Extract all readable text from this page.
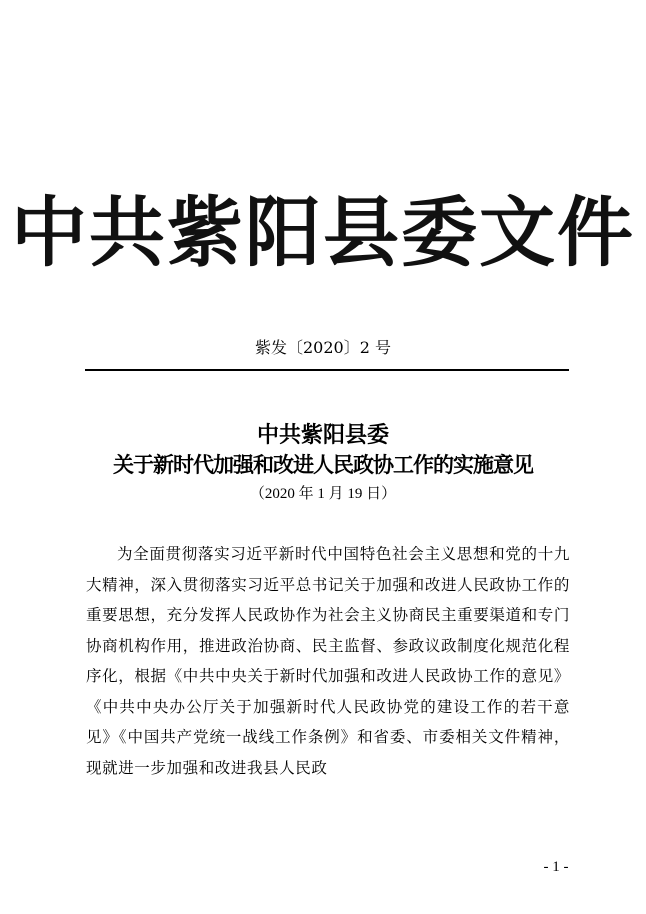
中共紫阳县委文件
紫发〔2020〕2 号
中共紫阳县委
关于新时代加强和改进人民政协工作的实施意见
（2020 年 1 月 19 日）

为全面贯彻落实习近平新时代中国特色社会主义思想和党的十九大精神，深入贯彻落实习近平总书记关于加强和改进人民政协工作的重要思想，充分发挥人民政协作为社会主义协商民主重要渠道和专门协商机构作用，推进政治协商、民主监督、参政议政制度化规范化程序化，根据《中共中央关于新时代加强和改进人民政协工作的意见》《中共中央办公厅关于加强新时代人民政协党的建设工作的若干意见》《中国共产党统一战线工作条例》和省委、市委相关文件精神，现就进一步加强和改进我县人民政

- 1 -
